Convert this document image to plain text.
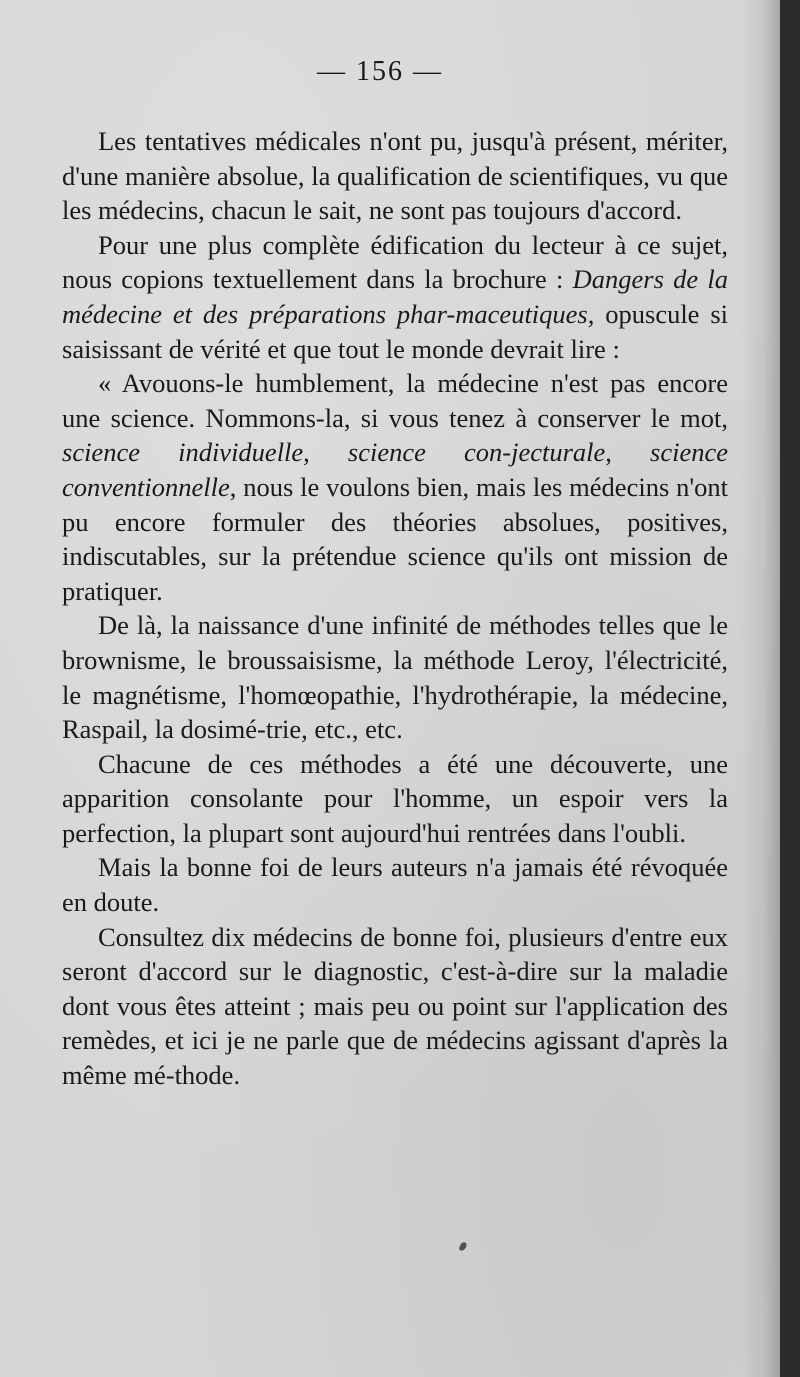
— 156 —

Les tentatives médicales n'ont pu, jusqu'à présent, mériter, d'une manière absolue, la qualification de scientifiques, vu que les médecins, chacun le sait, ne sont pas toujours d'accord.

Pour une plus complète édification du lecteur à ce sujet, nous copions textuellement dans la brochure : Dangers de la médecine et des préparations phar-maceutiques, opuscule si saisissant de vérité et que tout le monde devrait lire :

« Avouons-le humblement, la médecine n'est pas encore une science. Nommons-la, si vous tenez à conserver le mot, science individuelle, science con-jecturale, science conventionnelle, nous le voulons bien, mais les médecins n'ont pu encore formuler des théories absolues, positives, indiscutables, sur la prétendue science qu'ils ont mission de pratiquer.

De là, la naissance d'une infinité de méthodes telles que le brownisme, le broussaisisme, la méthode Leroy, l'électricité, le magnétisme, l'homœopathie, l'hydrothérapie, la médecine, Raspail, la dosimé-trie, etc., etc.

Chacune de ces méthodes a été une découverte, une apparition consolante pour l'homme, un espoir vers la perfection, la plupart sont aujourd'hui rentrées dans l'oubli.

Mais la bonne foi de leurs auteurs n'a jamais été révoquée en doute.

Consultez dix médecins de bonne foi, plusieurs d'entre eux seront d'accord sur le diagnostic, c'est-à-dire sur la maladie dont vous êtes atteint ; mais peu ou point sur l'application des remèdes, et ici je ne parle que de médecins agissant d'après la même mé-thode.
